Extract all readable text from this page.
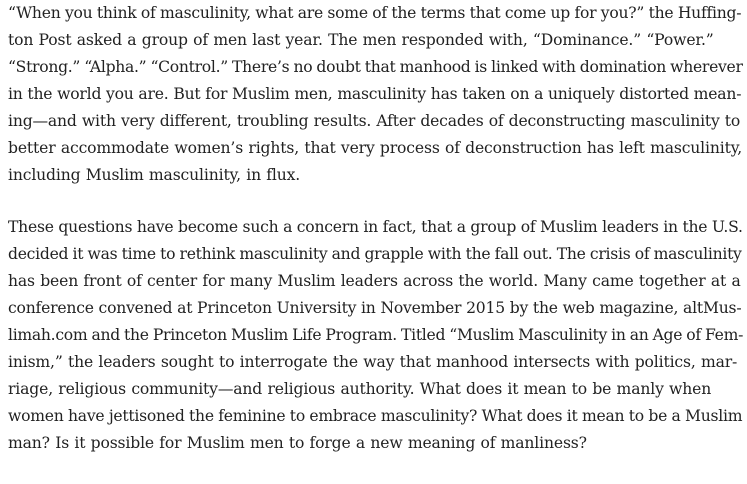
“When you think of masculinity, what are some of the terms that come up for you?” the Huffing-
ton Post asked a group of men last year. The men responded with, “Dominance.” “Power.”
“Strong.” “Alpha.” “Control.” There’s no doubt that manhood is linked with domination wherever
in the world you are. But for Muslim men, masculinity has taken on a uniquely distorted mean-
ing—and with very different, troubling results. After decades of deconstructing masculinity to
better accommodate women’s rights, that very process of deconstruction has left masculinity,
including Muslim masculinity, in flux.
These questions have become such a concern in fact, that a group of Muslim leaders in the U.S.
decided it was time to rethink masculinity and grapple with the fall out. The crisis of masculinity
has been front of center for many Muslim leaders across the world. Many came together at a
conference convened at Princeton University in November 2015 by the web magazine, altMus-
limah.com and the Princeton Muslim Life Program. Titled “Muslim Masculinity in an Age of Fem-
inism,” the leaders sought to interrogate the way that manhood intersects with politics, mar-
riage, religious community—and religious authority. What does it mean to be manly when
women have jettisoned the feminine to embrace masculinity? What does it mean to be a Muslim
man? Is it possible for Muslim men to forge a new meaning of manliness?
